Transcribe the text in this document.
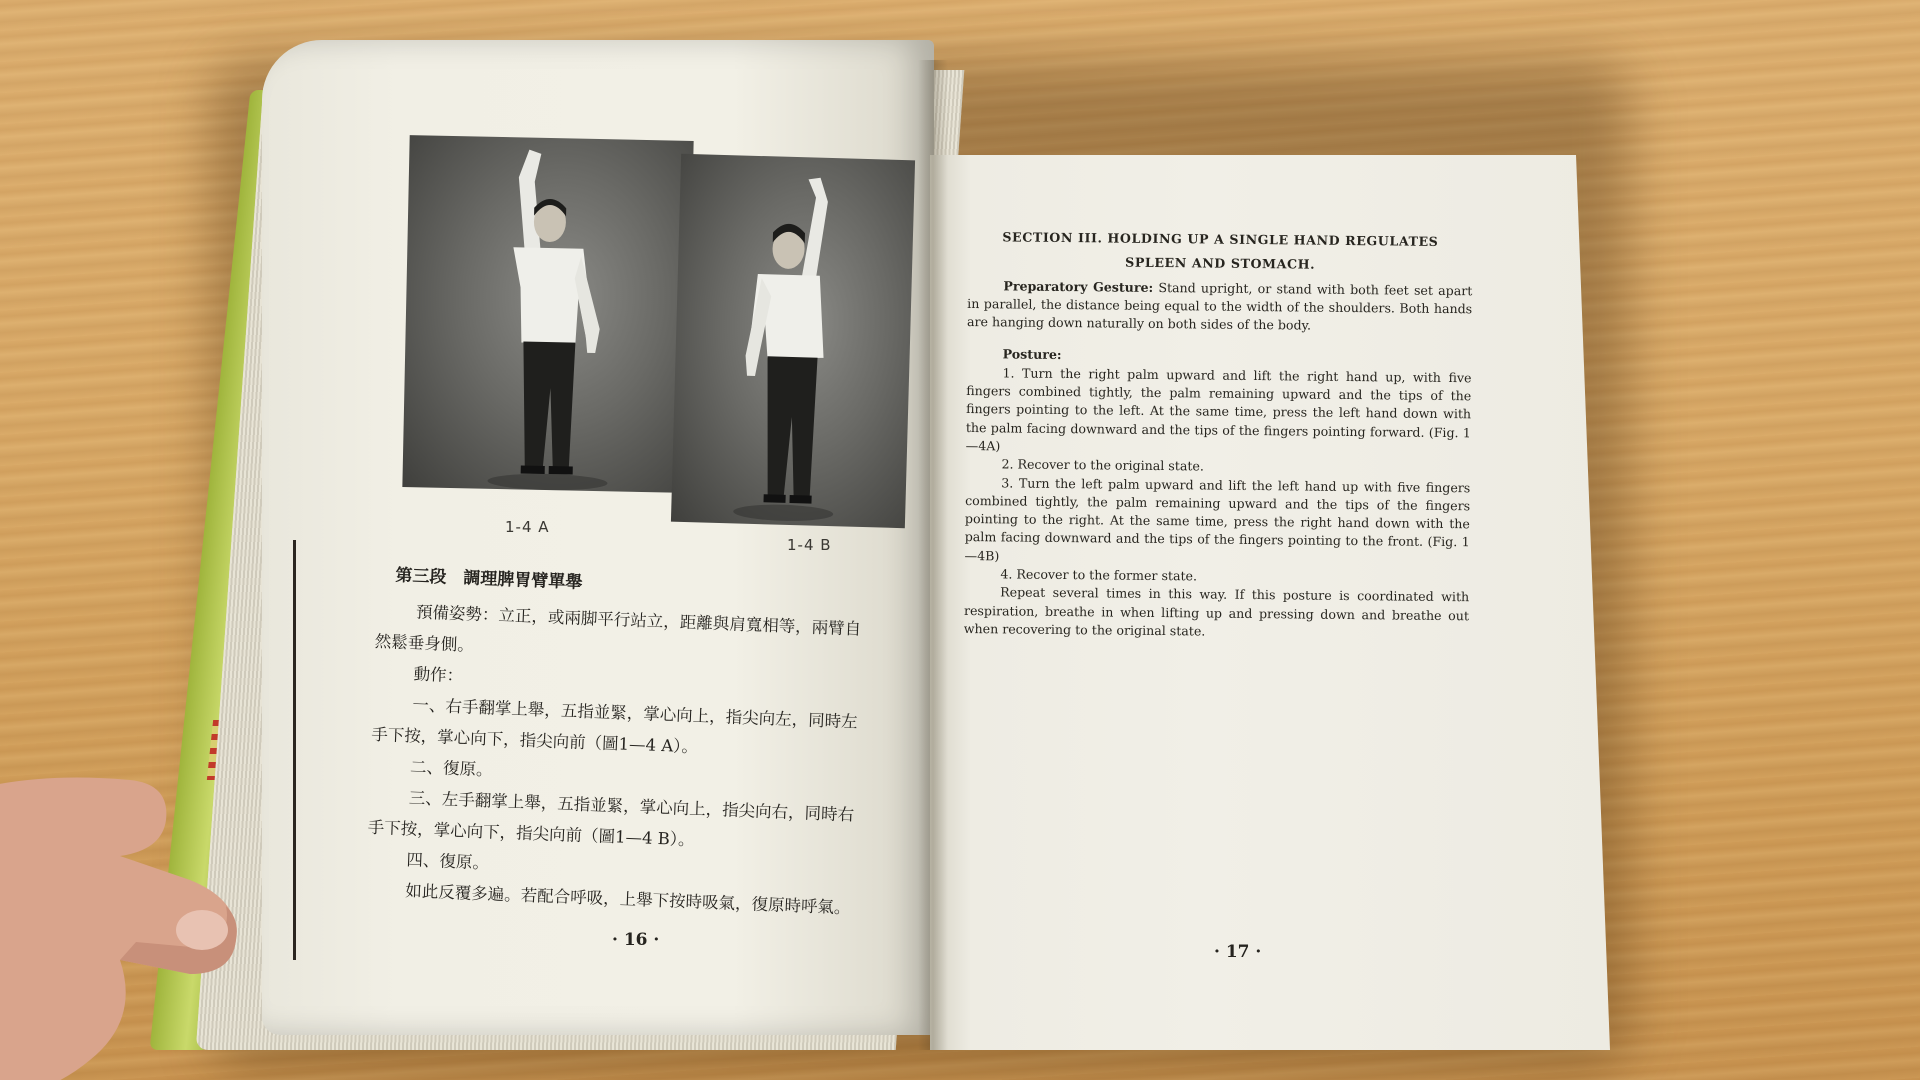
1-4 A
1-4 B

第三段　調理脾胃臂單舉

預備姿勢：立正，或兩脚平行站立，距離與肩寬相等，兩臂自

然鬆垂身側。

動作：

一、右手翻掌上舉，五指並緊，掌心向上，指尖向左，同時左

手下按，掌心向下，指尖向前（圖1—4 A）。

二、復原。

三、左手翻掌上舉，五指並緊，掌心向上，指尖向右，同時右

手下按，掌心向下，指尖向前（圖1—4 B）。

四、復原。

如此反覆多遍。若配合呼吸，上舉下按時吸氣，復原時呼氣。

· 16 ·

SECTION III. HOLDING UP A SINGLE HAND REGULATES

SPLEEN AND STOMACH.

Preparatory Gesture: Stand upright, or stand with both feet set apart in parallel, the distance being equal to the width of the shoulders. Both hands are hanging down naturally on both sides of the body.

Posture:

1. Turn the right palm upward and lift the right hand up, with five fingers combined tightly, the palm remaining upward and the tips of the fingers pointing to the left. At the same time, press the left hand down with the palm facing downward and the tips of the fingers pointing forward. (Fig. 1—4A)

2. Recover to the original state.

3. Turn the left palm upward and lift the left hand up with five fingers combined tightly, the palm remaining upward and the tips of the fingers pointing to the right. At the same time, press the right hand down with the palm facing downward and the tips of the fingers pointing to the front. (Fig. 1—4B)

4. Recover to the former state.

Repeat several times in this way. If this posture is coordinated with respiration, breathe in when lifting up and pressing down and breathe out when recovering to the original state.

· 17 ·
